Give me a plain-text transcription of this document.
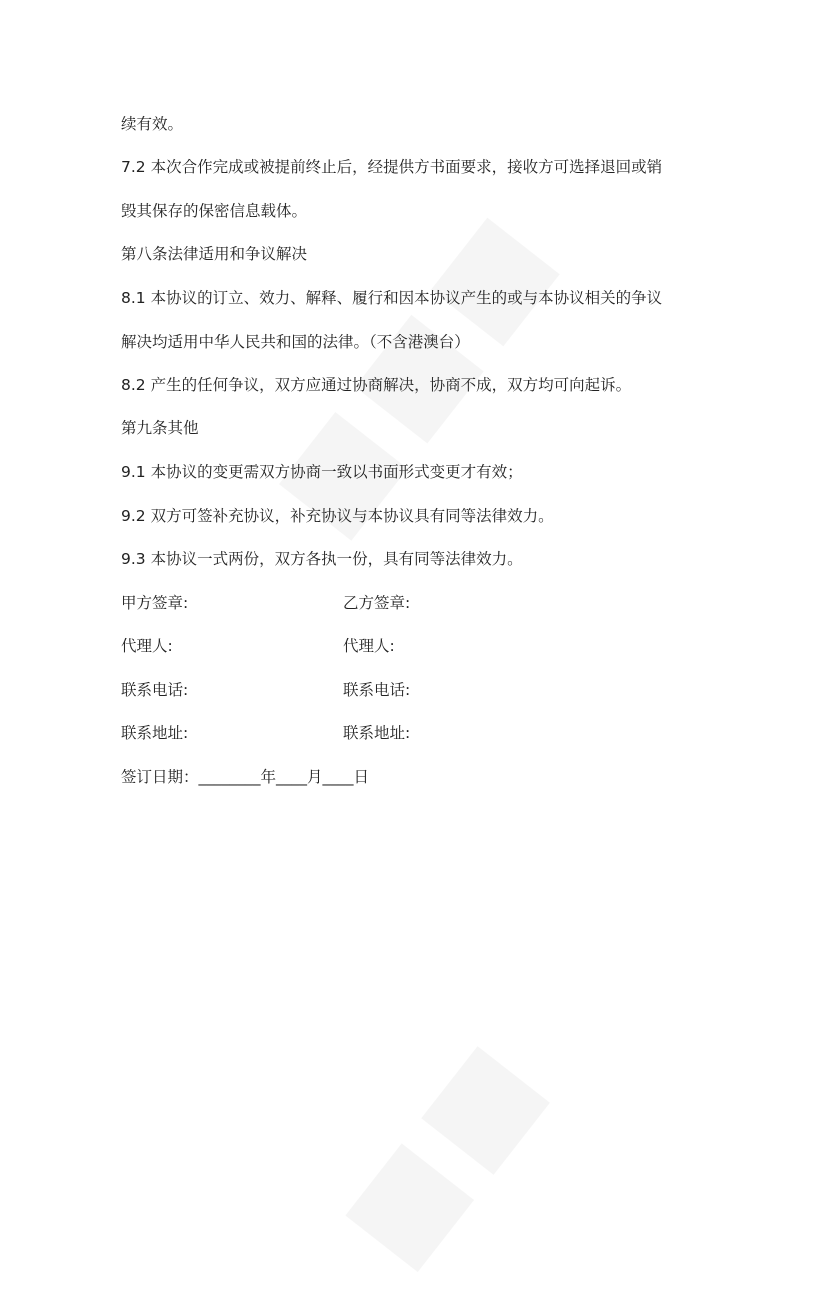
续有效。
7.2 本次合作完成或被提前终止后，经提供方书面要求，接收方可选择退回或销
毁其保存的保密信息载体。
第八条法律适用和争议解决
8.1 本协议的订立、效力、解释、履行和因本协议产生的或与本协议相关的争议
解决均适用中华人民共和国的法律。（不含港澳台）
8.2 产生的任何争议，双方应通过协商解决，协商不成，双方均可向起诉。
第九条其他
9.1 本协议的变更需双方协商一致以书面形式变更才有效；
9.2 双方可签补充协议，补充协议与本协议具有同等法律效力。
9.3 本协议一式两份，双方各执一份，具有同等法律效力。
甲方签章:	乙方签章:
代理人:	代理人:
联系电话:	联系电话:
联系地址:	联系地址:
签订日期：________年____月____日
